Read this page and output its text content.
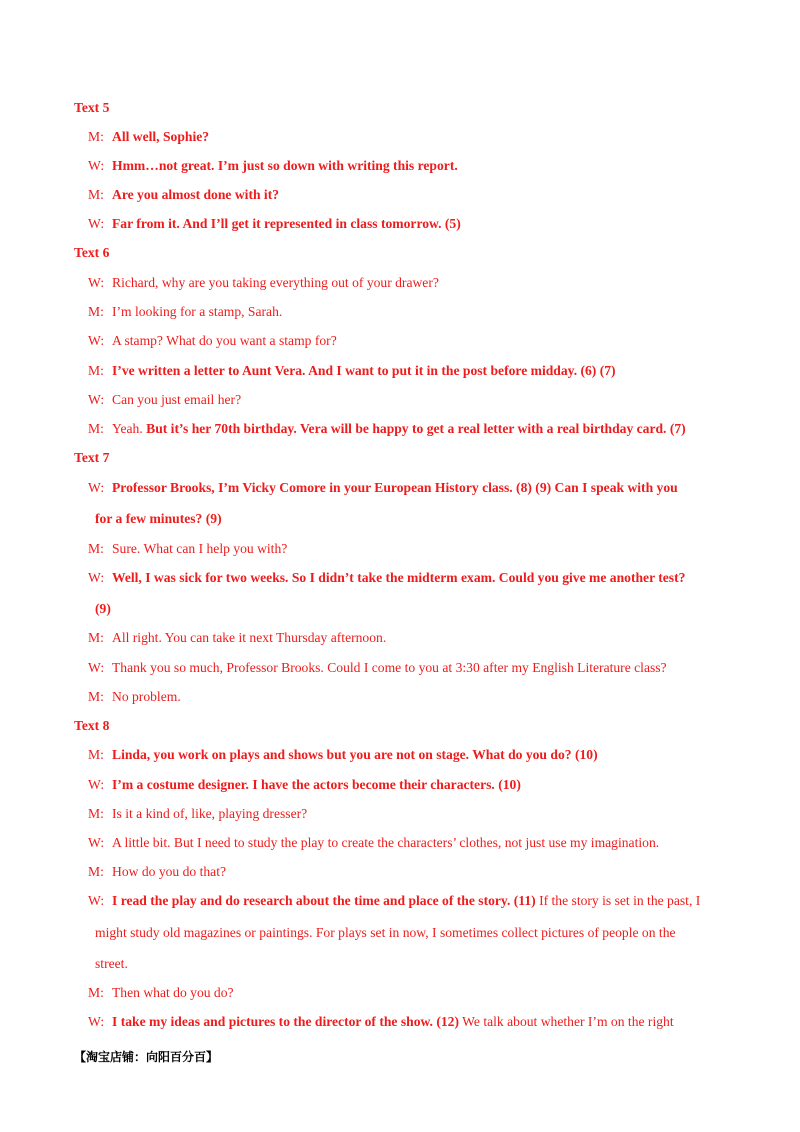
Text 5
M: All well, Sophie?
W: Hmm…not great. I’m just so down with writing this report.
M: Are you almost done with it?
W: Far from it. And I’ll get it represented in class tomorrow. (5)
Text 6
W: Richard, why are you taking everything out of your drawer?
M: I’m looking for a stamp, Sarah.
W: A stamp? What do you want a stamp for?
M: I’ve written a letter to Aunt Vera. And I want to put it in the post before midday. (6) (7)
W: Can you just email her?
M: Yeah. But it’s her 70th birthday. Vera will be happy to get a real letter with a real birthday card. (7)
Text 7
W: Professor Brooks, I’m Vicky Comore in your European History class. (8) (9) Can I speak with you
for a few minutes? (9)
M: Sure. What can I help you with?
W: Well, I was sick for two weeks. So I didn’t take the midterm exam. Could you give me another test?
(9)
M: All right. You can take it next Thursday afternoon.
W: Thank you so much, Professor Brooks. Could I come to you at 3:30 after my English Literature class?
M: No problem.
Text 8
M: Linda, you work on plays and shows but you are not on stage. What do you do? (10)
W: I’m a costume designer. I have the actors become their characters. (10)
M: Is it a kind of, like, playing dresser?
W: A little bit. But I need to study the play to create the characters’ clothes, not just use my imagination.
M: How do you do that?
W: I read the play and do research about the time and place of the story. (11) If the story is set in the past, I
might study old magazines or paintings. For plays set in now, I sometimes collect pictures of people on the
street.
M: Then what do you do?
W: I take my ideas and pictures to the director of the show. (12) We talk about whether I’m on the right
【淘宝店铺：向阳百分百】
